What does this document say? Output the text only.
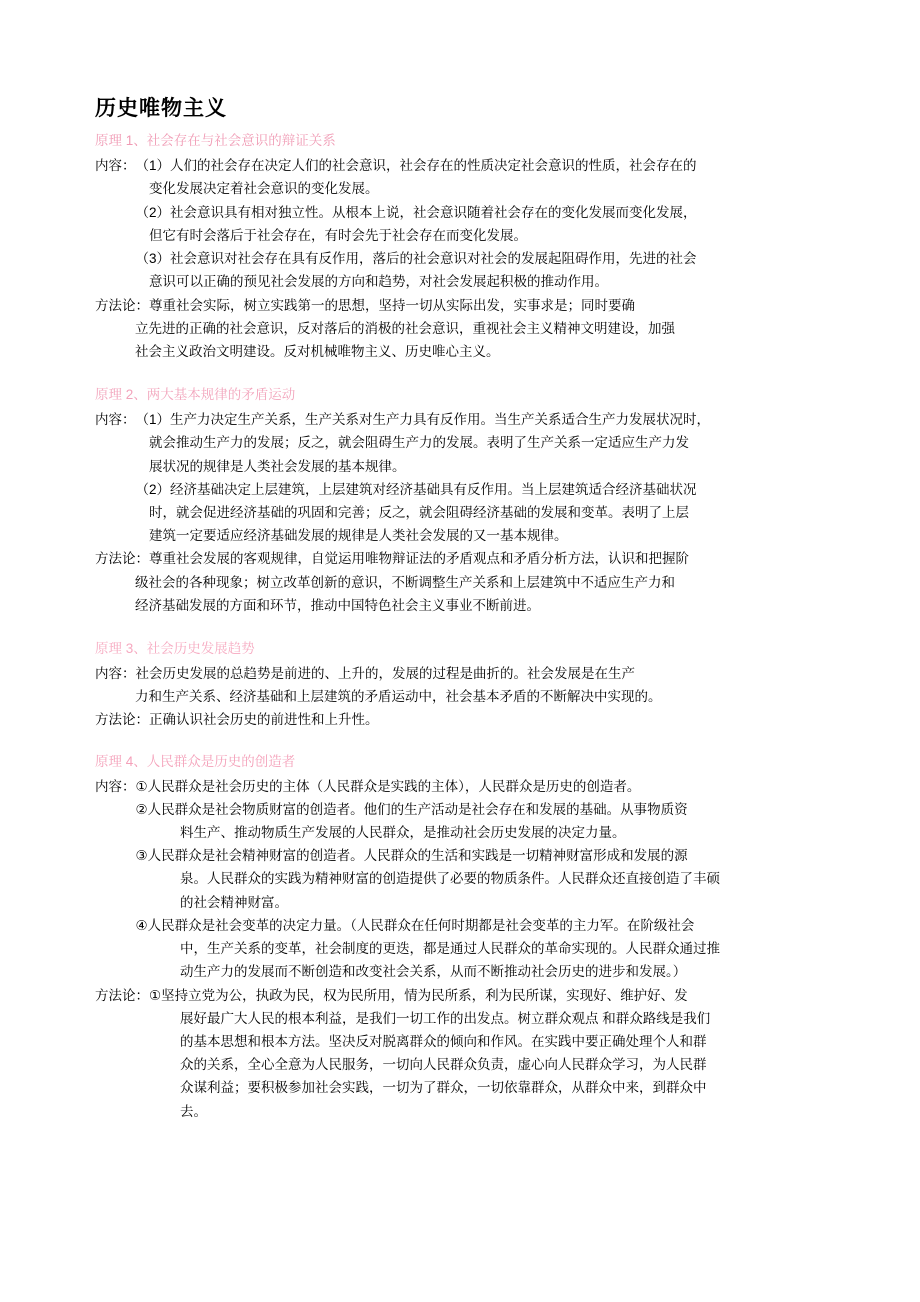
历史唯物主义
原理 1、社会存在与社会意识的辩证关系
内容： （1） 人们的社会存在决定人们的社会意识，社会存在的性质决定社会意识的性质，社会存在的
变化发展决定着社会意识的变化发展。
（2） 社会意识具有相对独立性。从根本上说，社会意识随着社会存在的变化发展而变化发展，
但它有时会落后于社会存在，有时会先于社会存在而变化发展。
（3） 社会意识对社会存在具有反作用，落后的社会意识对社会的发展起阻碍作用，先进的社会
意识可以正确的预见社会发展的方向和趋势，对社会发展起积极的推动作用。
方法论： 尊重社会实际，树立实践第一的思想，坚持一切从实际出发，实事求是；同时要确
立先进的正确的社会意识，反对落后的消极的社会意识，重视社会主义精神文明建设，加强
社会主义政治文明建设。反对机械唯物主义、历史唯心主义。
原理 2、两大基本规律的矛盾运动
内容： （1） 生产力决定生产关系，生产关系对生产力具有反作用。当生产关系适合生产力发展状况时，
就会推动生产力的发展；反之，就会阻碍生产力的发展。表明了生产关系一定适应生产力发
展状况的规律是人类社会发展的基本规律。
（2） 经济基础决定上层建筑，上层建筑对经济基础具有反作用。当上层建筑适合经济基础状况
时，就会促进经济基础的巩固和完善；反之，就会阻碍经济基础的发展和变革。表明了上层
建筑一定要适应经济基础发展的规律是人类社会发展的又一基本规律。
方法论： 尊重社会发展的客观规律，自觉运用唯物辩证法的矛盾观点和矛盾分析方法，认识和把握阶
级社会的各种现象；树立改革创新的意识，不断调整生产关系和上层建筑中不适应生产力和
经济基础发展的方面和环节，推动中国特色社会主义事业不断前进。
原理 3、社会历史发展趋势
内容： 社会历史发展的总趋势是前进的、上升的，发展的过程是曲折的。社会发展是在生产
力和生产关系、经济基础和上层建筑的矛盾运动中，社会基本矛盾的不断解决中实现的。
方法论： 正确认识社会历史的前进性和上升性。
原理 4、人民群众是历史的创造者
内容： ① 人民群众是社会历史的主体（人民群众是实践的主体），人民群众是历史的创造者。
② 人民群众是社会物质财富的创造者。他们的生产活动是社会存在和发展的基础。从事物质资
料生产、推动物质生产发展的人民群众，是推动社会历史发展的决定力量。
③ 人民群众是社会精神财富的创造者。人民群众的生活和实践是一切精神财富形成和发展的源
泉。人民群众的实践为精神财富的创造提供了必要的物质条件。人民群众还直接创造了丰硕
的社会精神财富。
④ 人民群众是社会变革的决定力量。（人民群众在任何时期都是社会变革的主力军。在阶级社会
中，生产关系的变革，社会制度的更迭，都是通过人民群众的革命实现的。人民群众通过推
动生产力的发展而不断创造和改变社会关系，从而不断推动社会历史的进步和发展。）
方法论： ① 坚持立党为公，执政为民，权为民所用，情为民所系，利为民所谋，实现好、维护好、发
展好最广大人民的根本利益，是我们一切工作的出发点。树立群众观点 和群众路线是我们
的基本思想和根本方法。坚决反对脱离群众的倾向和作风。在实践中要正确处理个人和群
众的关系，全心全意为人民服务，一切向人民群众负责，虚心向人民群众学习，为人民群
众谋利益；要积极参加社会实践，一切为了群众，一切依靠群众，从群众中来，到群众中
去。
